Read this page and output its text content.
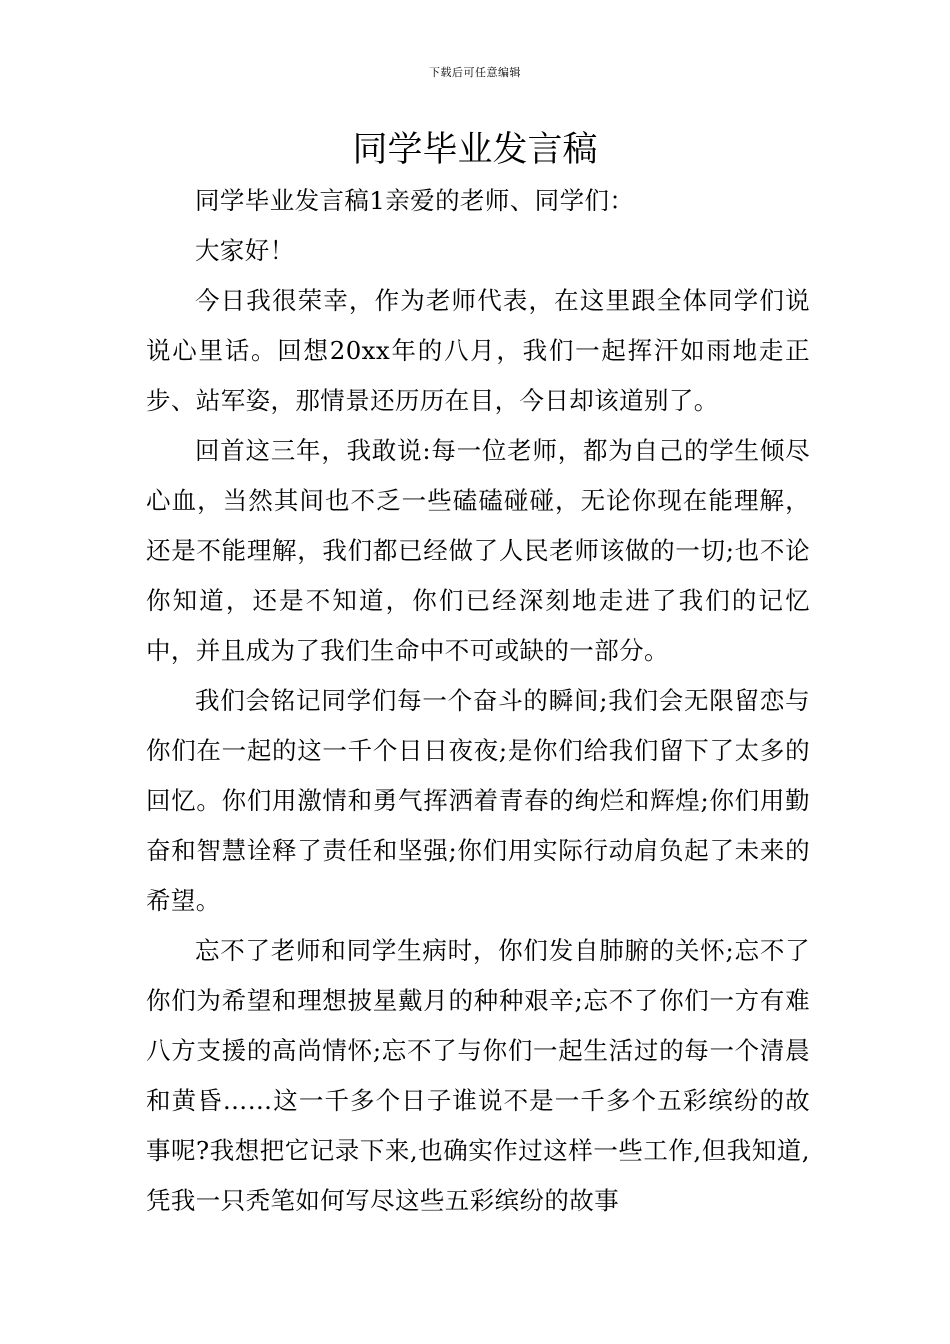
下载后可任意编辑
同学毕业发言稿

同学毕业发言稿1亲爱的老师、同学们：

大家好！

今日我很荣幸，作为老师代表，在这里跟全体同学们说说心里话。回想20xx年的八月，我们一起挥汗如雨地走正步、站军姿，那情景还历历在目，今日却该道别了。

回首这三年，我敢说:每一位老师，都为自己的学生倾尽心血，当然其间也不乏一些磕磕碰碰，无论你现在能理解，还是不能理解，我们都已经做了人民老师该做的一切;也不论你知道，还是不知道，你们已经深刻地走进了我们的记忆中，并且成为了我们生命中不可或缺的一部分。

我们会铭记同学们每一个奋斗的瞬间;我们会无限留恋与你们在一起的这一千个日日夜夜;是你们给我们留下了太多的回忆。你们用激情和勇气挥洒着青春的绚烂和辉煌;你们用勤奋和智慧诠释了责任和坚强;你们用实际行动肩负起了未来的希望。

忘不了老师和同学生病时，你们发自肺腑的关怀;忘不了你们为希望和理想披星戴月的种种艰辛;忘不了你们一方有难八方支援的高尚情怀;忘不了与你们一起生活过的每一个清晨和黄昏……这一千多个日子谁说不是一千多个五彩缤纷的故事呢?我想把它记录下来,也确实作过这样一些工作,但我知道,凭我一只秃笔如何写尽这些五彩缤纷的故事
